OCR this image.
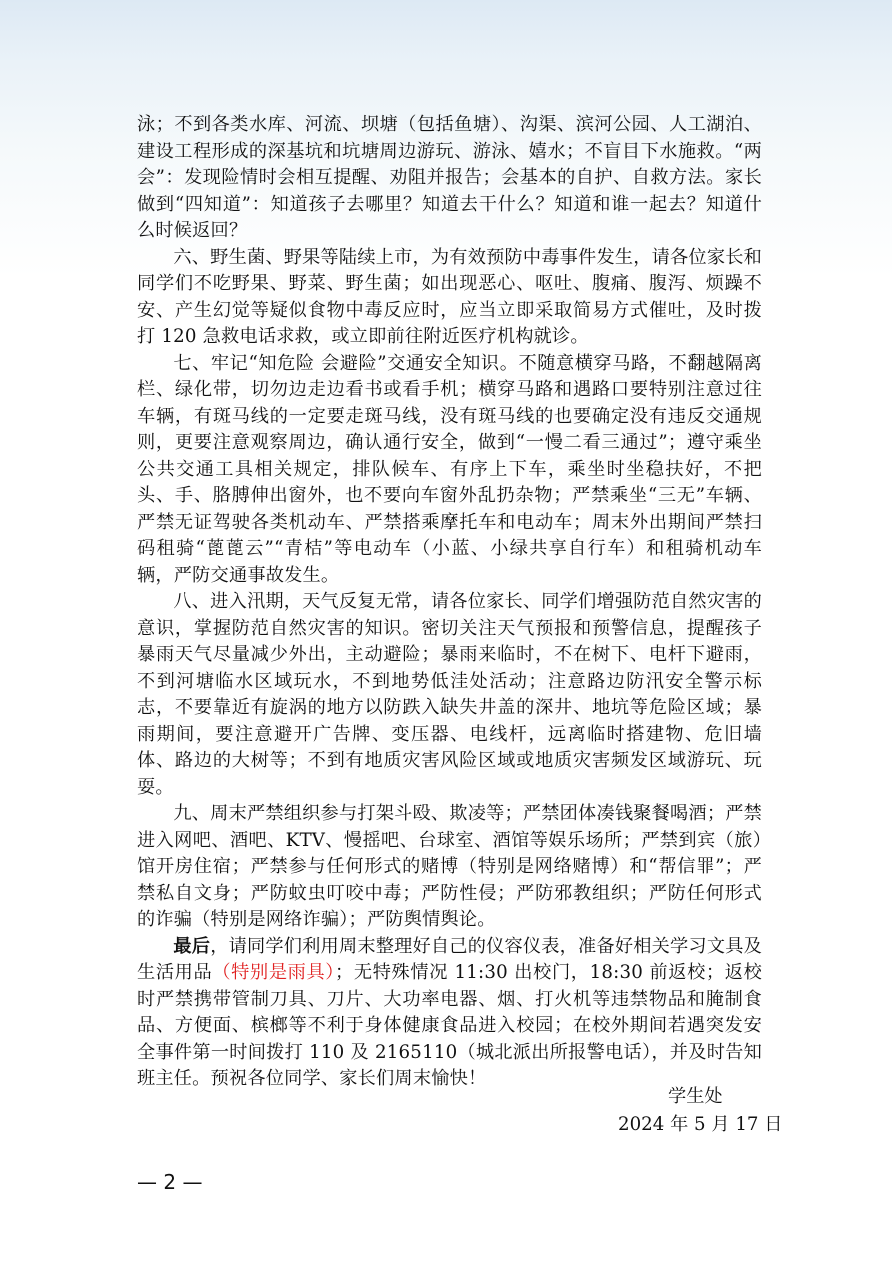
泳；不到各类水库、河流、坝塘（包括鱼塘）、沟渠、滨河公园、人工湖泊、建设工程形成的深基坑和坑塘周边游玩、游泳、嬉水；不盲目下水施救。“两会”：发现险情时会相互提醒、劝阻并报告；会基本的自护、自救方法。家长做到“四知道”：知道孩子去哪里？知道去干什么？知道和谁一起去？知道什么时候返回？

六、野生菌、野果等陆续上市，为有效预防中毒事件发生，请各位家长和同学们不吃野果、野菜、野生菌；如出现恶心、呕吐、腹痛、腹泻、烦躁不安、产生幻觉等疑似食物中毒反应时，应当立即采取简易方式催吐，及时拨打 120 急救电话求救，或立即前往附近医疗机构就诊。

七、牢记“知危险 会避险”交通安全知识。不随意横穿马路，不翻越隔离栏、绿化带，切勿边走边看书或看手机；横穿马路和遇路口要特别注意过往车辆，有斑马线的一定要走斑马线，没有斑马线的也要确定没有违反交通规则，更要注意观察周边，确认通行安全，做到“一慢二看三通过”；遵守乘坐公共交通工具相关规定，排队候车、有序上下车，乘坐时坐稳扶好，不把头、手、胳膊伸出窗外，也不要向车窗外乱扔杂物；严禁乘坐“三无”车辆、严禁无证驾驶各类机动车、严禁搭乘摩托车和电动车；周末外出期间严禁扫码租骑“蓖蓖云”“青桔”等电动车（小蓝、小绿共享自行车）和租骑机动车辆，严防交通事故发生。

八、进入汛期，天气反复无常，请各位家长、同学们增强防范自然灾害的意识，掌握防范自然灾害的知识。密切关注天气预报和预警信息，提醒孩子暴雨天气尽量减少外出，主动避险；暴雨来临时，不在树下、电杆下避雨，不到河塘临水区域玩水，不到地势低洼处活动；注意路边防汛安全警示标志，不要靠近有旋涡的地方以防跌入缺失井盖的深井、地坑等危险区域；暴雨期间，要注意避开广告牌、变压器、电线杆，远离临时搭建物、危旧墙体、路边的大树等；不到有地质灾害风险区域或地质灾害频发区域游玩、玩耍。

九、周末严禁组织参与打架斗殴、欺凌等；严禁团体凑钱聚餐喝酒；严禁进入网吧、酒吧、KTV、慢摇吧、台球室、酒馆等娱乐场所；严禁到宾（旅）馆开房住宿；严禁参与任何形式的赌博（特别是网络赌博）和“帮信罪”；严禁私自文身；严防蚊虫叮咬中毒；严防性侵；严防邪教组织；严防任何形式的诈骗（特别是网络诈骗）；严防舆情舆论。

最后，请同学们利用周末整理好自己的仪容仪表，准备好相关学习文具及生活用品（特别是雨具）；无特殊情况 11:30 出校门，18:30 前返校；返校时严禁携带管制刀具、刀片、大功率电器、烟、打火机等违禁物品和腌制食品、方便面、槟榔等不利于身体健康食品进入校园；在校外期间若遇突发安全事件第一时间拨打 110 及 2165110（城北派出所报警电话），并及时告知班主任。预祝各位同学、家长们周末愉快！

学生处
2024 年 5 月 17 日
— 2 —
